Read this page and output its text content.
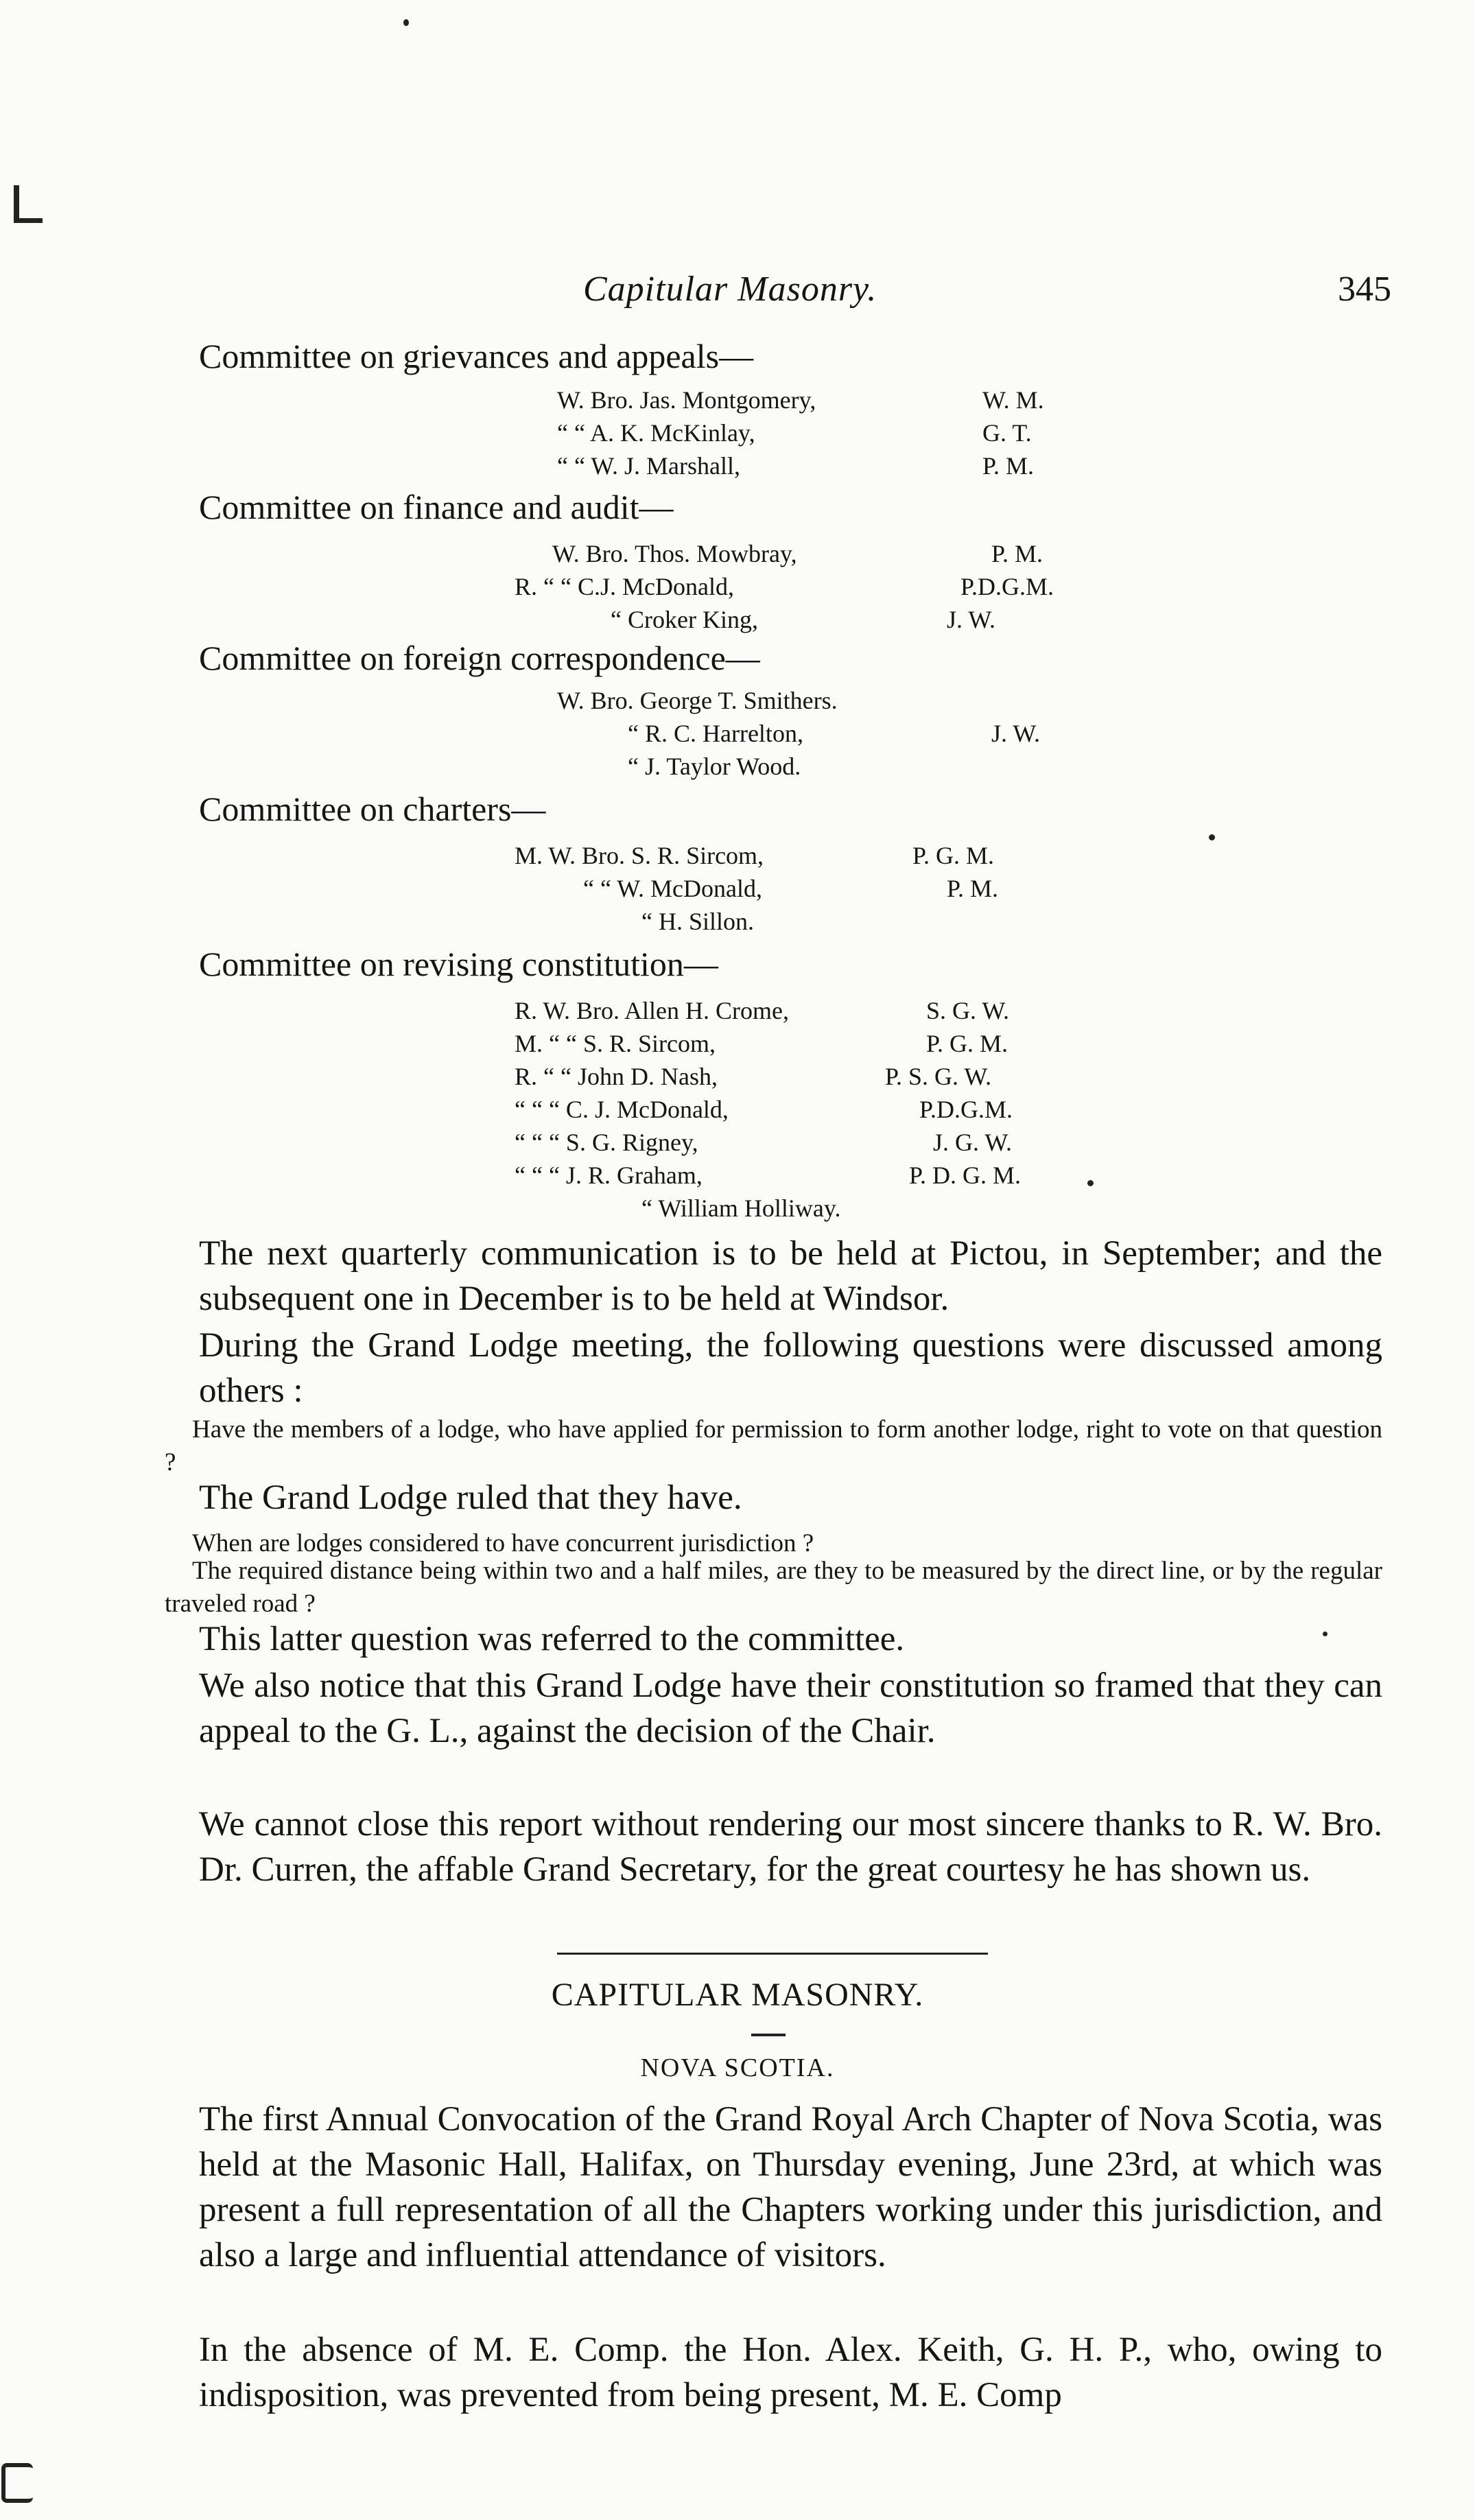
Capitular Masonry.	345
Committee on grievances and appeals—
W. Bro. Jas. Montgomery,	W. M.
“ “ A. K. McKinlay,	G. T.
“ “ W. J. Marshall,	P. M.
Committee on finance and audit—
W. Bro. Thos. Mowbray,	P. M.
R. “ “ C.J. McDonald,	P.D.G.M.
“ Croker King,	J. W.
Committee on foreign correspondence—
W. Bro. George T. Smithers.
“ R. C. Harrelton,	J. W.
“ J. Taylor Wood.
Committee on charters—
M. W. Bro. S. R. Sircom,	P. G. M.
“ “ W. McDonald,	P. M.
“ H. Sillon.
Committee on revising constitution—
R. W. Bro. Allen H. Crome,	S. G. W.
M. “ “ S. R. Sircom,	P. G. M.
R. “ “ John D. Nash,	P. S. G. W.
“ “ “ C. J. McDonald,	P.D.G.M.
“ “ “ S. G. Rigney,	J. G. W.
“ “ “ J. R. Graham,	P. D. G. M.
“ William Holliway.
The next quarterly communication is to be held at Pictou, in September; and the subsequent one in December is to be held at Windsor.
During the Grand Lodge meeting, the following questions were discussed among others :
Have the members of a lodge, who have applied for permission to form another lodge, right to vote on that question ?
The Grand Lodge ruled that they have.
When are lodges considered to have concurrent jurisdiction ?
The required distance being within two and a half miles, are they to be measured by the direct line, or by the regular traveled road ?
This latter question was referred to the committee.
We also notice that this Grand Lodge have their constitution so framed that they can appeal to the G. L., against the decision of the Chair.
We cannot close this report without rendering our most sincere thanks to R. W. Bro. Dr. Curren, the affable Grand Secretary, for the great courtesy he has shown us.
CAPITULAR MASONRY.
NOVA SCOTIA.
The first Annual Convocation of the Grand Royal Arch Chapter of Nova Scotia, was held at the Masonic Hall, Halifax, on Thursday evening, June 23rd, at which was present a full representation of all the Chapters working under this jurisdiction, and also a large and influential attendance of visitors.
In the absence of M. E. Comp. the Hon. Alex. Keith, G. H. P., who, owing to indisposition, was prevented from being present, M. E. Comp
